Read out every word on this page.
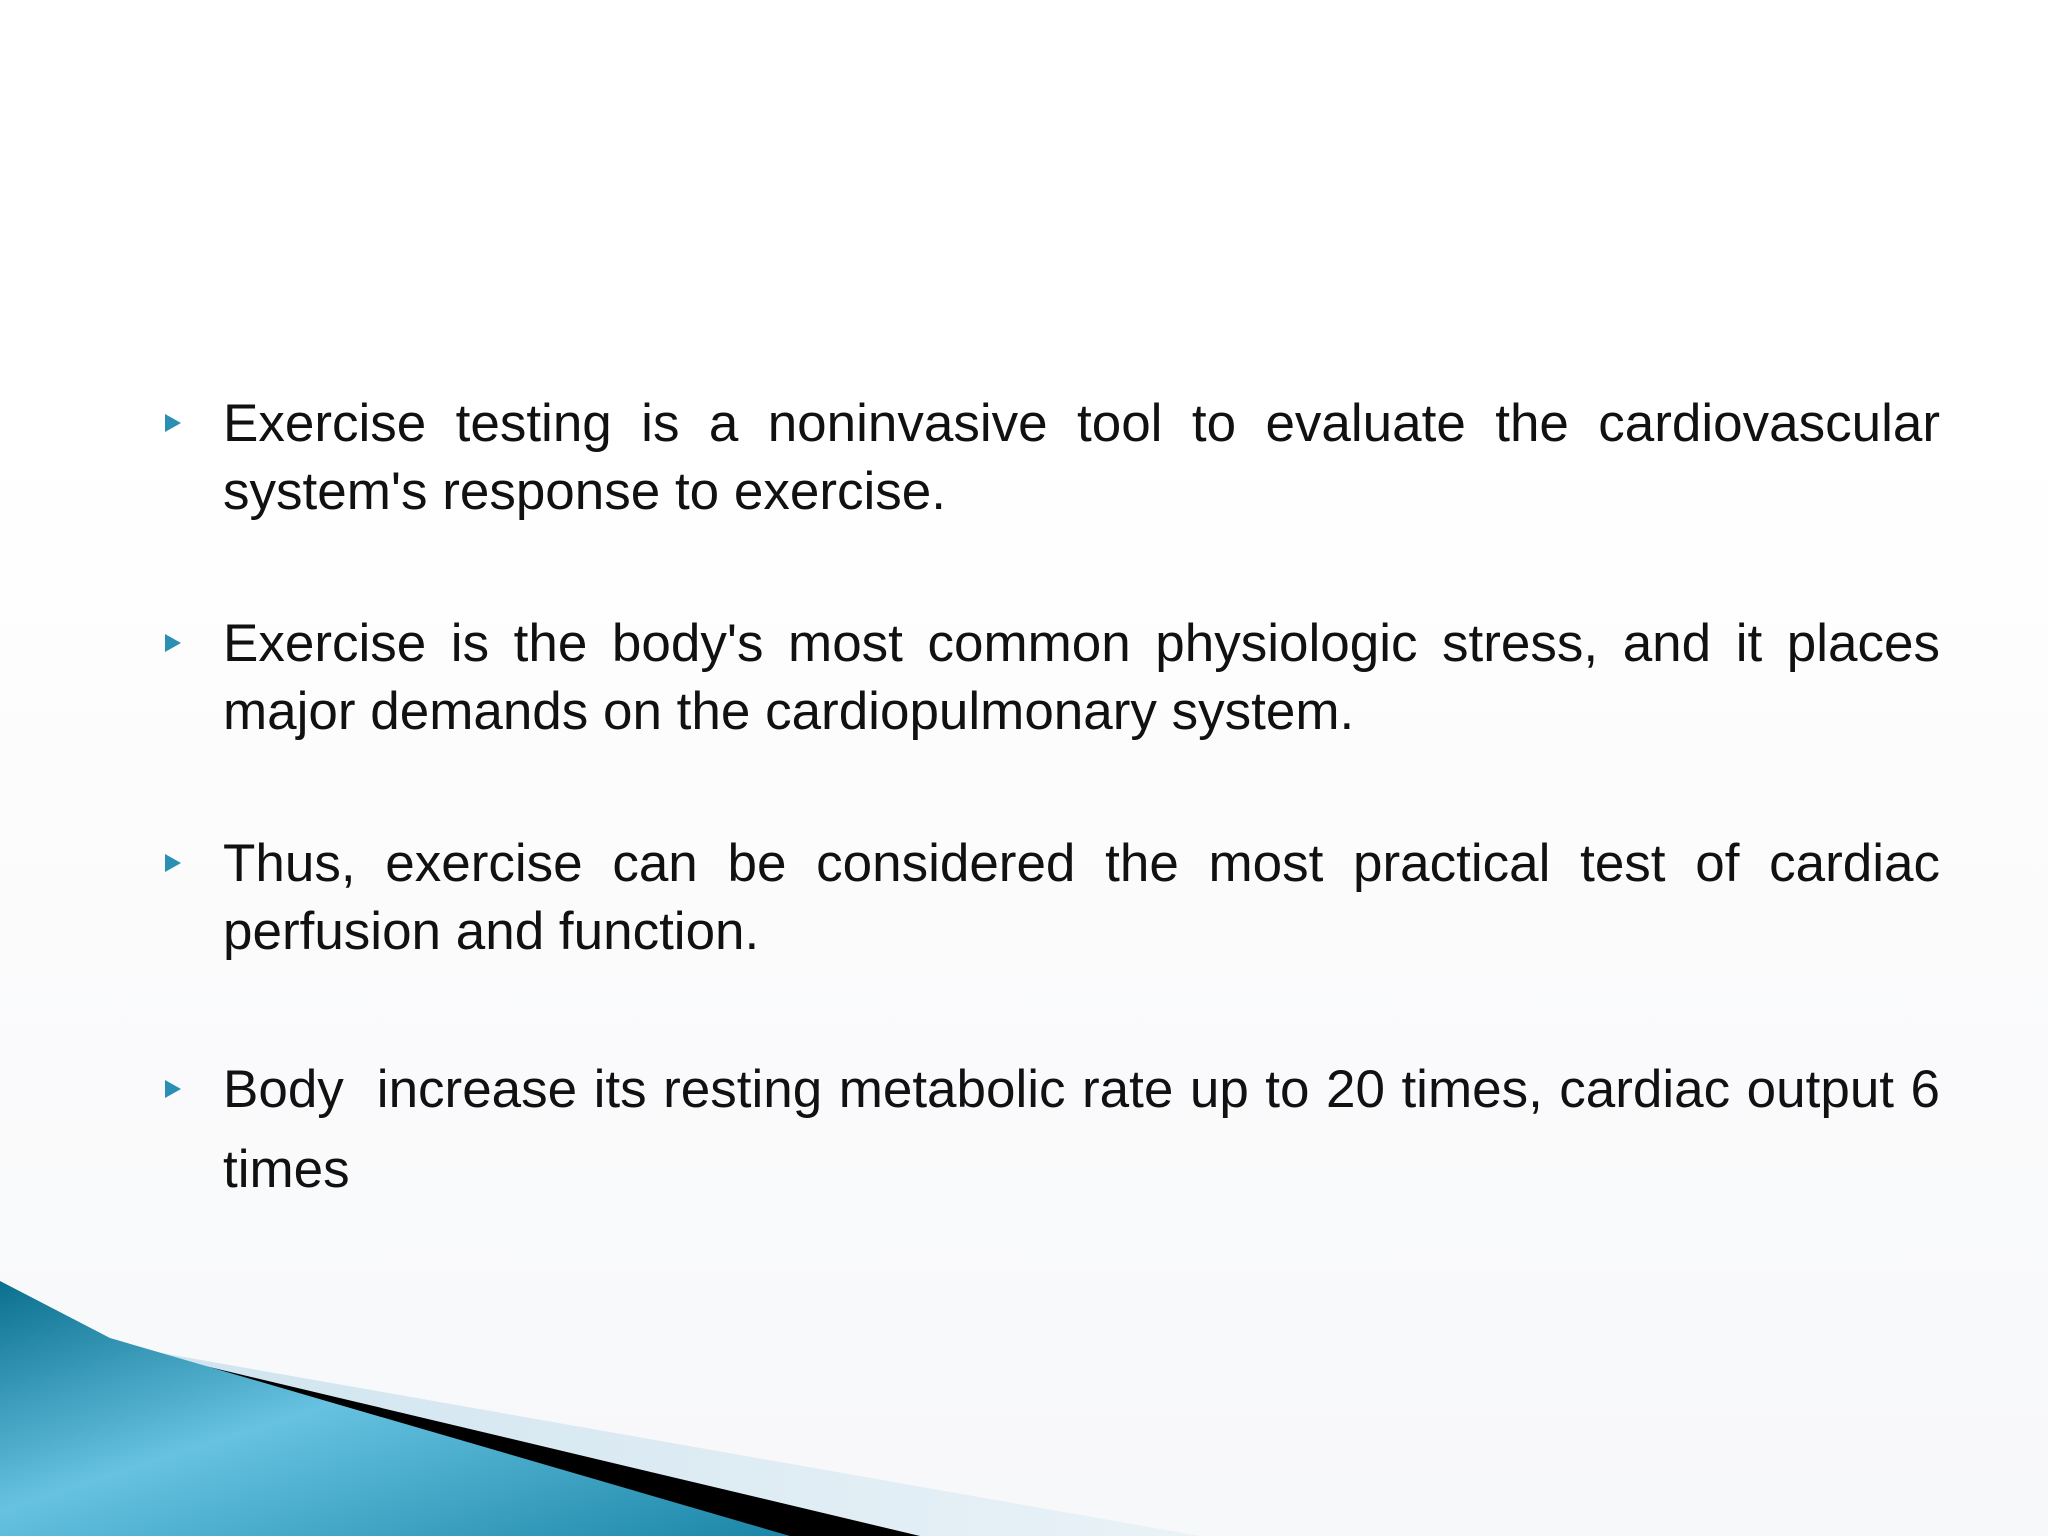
Exercise testing is a noninvasive tool to evaluate the cardiovascular system's response to exercise.
Exercise is the body's most common physiologic stress, and it places major demands on the cardiopulmonary system.
Thus, exercise can be considered the most practical test of cardiac perfusion and function.
Body  increase its resting metabolic rate up to 20 times, cardiac output 6 times
